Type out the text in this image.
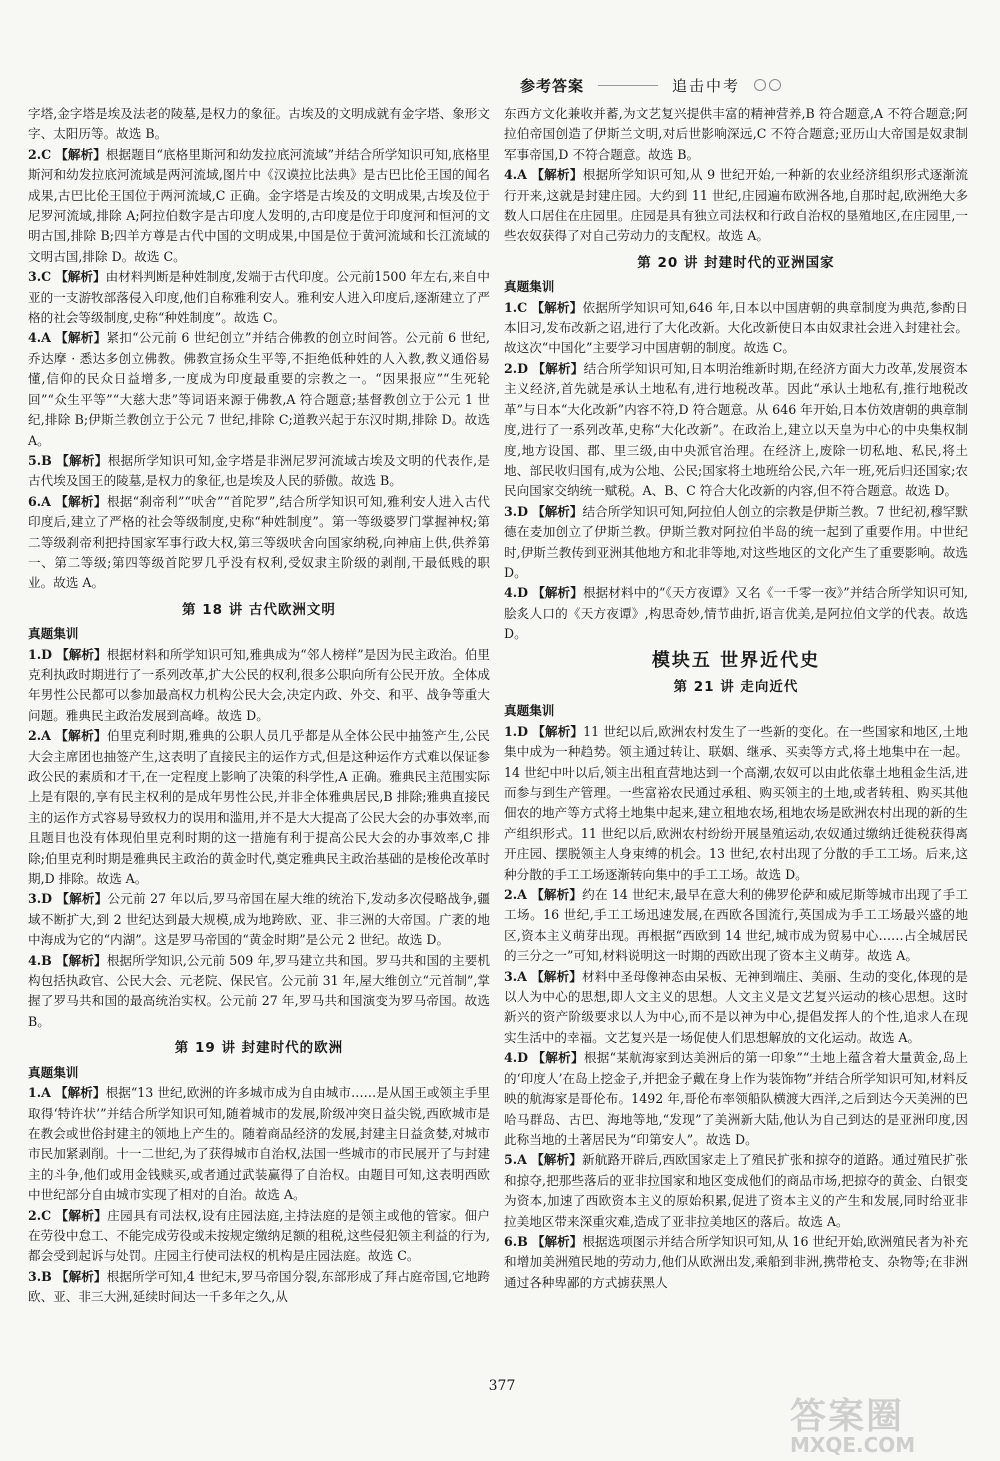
参考答案	追击中考

字塔,金字塔是埃及法老的陵墓,是权力的象征。古埃及的文明成就有金字塔、象形文字、太阳历等。故选 B。

2.C 【解析】根据题目“底格里斯河和幼发拉底河流域”并结合所学知识可知,底格里斯河和幼发拉底河流域是两河流域,图片中《汉谟拉比法典》是古巴比伦王国的闻名成果,古巴比伦王国位于两河流域,C 正确。金字塔是古埃及的文明成果,古埃及位于尼罗河流域,排除 A;阿拉伯数字是古印度人发明的,古印度是位于印度河和恒河的文明古国,排除 B;四羊方尊是古代中国的文明成果,中国是位于黄河流域和长江流域的文明古国,排除 D。故选 C。

3.C 【解析】由材料判断是种姓制度,发端于古代印度。公元前1500 年左右,来自中亚的一支游牧部落侵入印度,他们自称雅利安人。雅利安人进入印度后,逐渐建立了严格的社会等级制度,史称“种姓制度”。故选 C。

4.A 【解析】紧扣“公元前 6 世纪创立”并结合佛教的创立时间答。公元前 6 世纪,乔达摩 · 悉达多创立佛教。佛教宣扬众生平等,不拒绝低种姓的人入教,教义通俗易懂,信仰的民众日益增多,一度成为印度最重要的宗教之一。“因果报应”“生死轮回”“众生平等”“大慈大悲”等词语来源于佛教,A 符合题意;基督教创立于公元 1 世纪,排除 B;伊斯兰教创立于公元 7 世纪,排除 C;道教兴起于东汉时期,排除 D。故选 A。

5.B 【解析】根据所学知识可知,金字塔是非洲尼罗河流域古埃及文明的代表作,是古代埃及国王的陵墓,是权力的象征,也是埃及人民的骄傲。故选 B。

6.A 【解析】根据“刹帝利”“吠舍”“首陀罗”,结合所学知识可知,雅利安人进入古代印度后,建立了严格的社会等级制度,史称“种姓制度”。第一等级婆罗门掌握神权;第二等级刹帝利把持国家军事行政大权,第三等级吠舍向国家纳税,向神庙上供,供养第一、第二等级;第四等级首陀罗几乎没有权利,受奴隶主阶级的剥削,干最低贱的职业。故选 A。

第 18 讲 古代欧洲文明
真题集训

1.D 【解析】根据材料和所学知识可知,雅典成为“邻人榜样”是因为民主政治。伯里克利执政时期进行了一系列改革,扩大公民的权利,很多公职向所有公民开放。全体成年男性公民都可以参加最高权力机构公民大会,决定内政、外交、和平、战争等重大问题。雅典民主政治发展到高峰。故选 D。

2.A 【解析】伯里克利时期,雅典的公职人员几乎都是从全体公民中抽签产生,公民大会主席团也抽签产生,这表明了直接民主的运作方式,但是这种运作方式难以保证参政公民的素质和才干,在一定程度上影响了决策的科学性,A 正确。雅典民主范围实际上是有限的,享有民主权利的是成年男性公民,并非全体雅典居民,B 排除;雅典直接民主的运作方式容易导致权力的误用和滥用,并不是大大提高了公民大会的办事效率,而且题目也没有体现伯里克利时期的这一措施有利于提高公民大会的办事效率,C 排除;伯里克利时期是雅典民主政治的黄金时代,奠定雅典民主政治基础的是梭伦改革时期,D 排除。故选 A。

3.D 【解析】公元前 27 年以后,罗马帝国在屋大维的统治下,发动多次侵略战争,疆域不断扩大,到 2 世纪达到最大规模,成为地跨欧、亚、非三洲的大帝国。广袤的地中海成为它的“内湖”。这是罗马帝国的“黄金时期”是公元 2 世纪。故选 D。

4.B 【解析】根据所学知识,公元前 509 年,罗马建立共和国。罗马共和国的主要机构包括执政官、公民大会、元老院、保民官。公元前 31 年,屋大维创立“元首制”,掌握了罗马共和国的最高统治实权。公元前 27 年,罗马共和国演变为罗马帝国。故选 B。

第 19 讲 封建时代的欧洲
真题集训

1.A 【解析】根据“13 世纪,欧洲的许多城市成为自由城市……是从国王或领主手里取得‘特许状’”并结合所学知识可知,随着城市的发展,阶级冲突日益尖锐,西欧城市是在教会或世俗封建主的领地上产生的。随着商品经济的发展,封建主日益贪婪,对城市市民加紧剥削。十一二世纪,为了获得城市自治权,法国一些城市的市民展开了与封建主的斗争,他们或用金钱赎买,或者通过武装赢得了自治权。由题目可知,这表明西欧中世纪部分自由城市实现了相对的自治。故选 A。

2.C 【解析】庄园具有司法权,设有庄园法庭,主持法庭的是领主或他的管家。佃户在劳役中怠工、不能完成劳役或未按规定缴纳足额的租税,这些侵犯领主利益的行为,都会受到起诉与处罚。庄园主行使司法权的机构是庄园法庭。故选 C。

3.B 【解析】根据所学可知,4 世纪末,罗马帝国分裂,东部形成了拜占庭帝国,它地跨欧、亚、非三大洲,延续时间达一千多年之久,从

东西方文化兼收并蓄,为文艺复兴提供丰富的精神营养,B 符合题意,A 不符合题意;阿拉伯帝国创造了伊斯兰文明,对后世影响深远,C 不符合题意;亚历山大帝国是奴隶制军事帝国,D 不符合题意。故选 B。

4.A 【解析】根据所学知识可知,从 9 世纪开始,一种新的农业经济组织形式逐渐流行开来,这就是封建庄园。大约到 11 世纪,庄园遍布欧洲各地,自那时起,欧洲绝大多数人口居住在庄园里。庄园是具有独立司法权和行政自治权的垦殖地区,在庄园里,一些农奴获得了对自己劳动力的支配权。故选 A。

第 20 讲 封建时代的亚洲国家
真题集训

1.C 【解析】依据所学知识可知,646 年,日本以中国唐朝的典章制度为典范,参酌日本旧习,发布改新之诏,进行了大化改新。大化改新使日本由奴隶社会进入封建社会。故这次“中国化”主要学习中国唐朝的制度。故选 C。

2.D 【解析】结合所学知识可知,日本明治维新时期,在经济方面大力改革,发展资本主义经济,首先就是承认土地私有,进行地税改革。因此“承认土地私有,推行地税改革”与日本“大化改新”内容不符,D 符合题意。从 646 年开始,日本仿效唐朝的典章制度,进行了一系列改革,史称“大化改新”。在政治上,建立以天皇为中心的中央集权制度,地方设国、郡、里三级,由中央派官治理。在经济上,废除一切私地、私民,将土地、部民收归国有,成为公地、公民;国家将土地班给公民,六年一班,死后归还国家;农民向国家交纳统一赋税。A、B、C 符合大化改新的内容,但不符合题意。故选 D。

3.D 【解析】结合所学知识可知,阿拉伯人创立的宗教是伊斯兰教。7 世纪初,穆罕默德在麦加创立了伊斯兰教。伊斯兰教对阿拉伯半岛的统一起到了重要作用。中世纪时,伊斯兰教传到亚洲其他地方和北非等地,对这些地区的文化产生了重要影响。故选 D。

4.D 【解析】根据材料中的“《天方夜谭》又名《一千零一夜》”并结合所学知识可知,脍炙人口的《天方夜谭》,构思奇妙,情节曲折,语言优美,是阿拉伯文学的代表。故选 D。

模块五 世界近代史
第 21 讲 走向近代
真题集训

1.D 【解析】11 世纪以后,欧洲农村发生了一些新的变化。在一些国家和地区,土地集中成为一种趋势。领主通过转让、联姻、继承、买卖等方式,将土地集中在一起。14 世纪中叶以后,领主出租直营地达到一个高潮,农奴可以由此依靠土地租金生活,进而参与到生产管理。一些富裕农民通过承租、购买领主的土地,或者转租、购买其他佃农的地产等方式将土地集中起来,建立租地农场,租地农场是欧洲农村出现的新的生产组织形式。11 世纪以后,欧洲农村纷纷开展垦殖运动,农奴通过缴纳迁徙税获得离开庄园、摆脱领主人身束缚的机会。13 世纪,农村出现了分散的手工工场。后来,这种分散的手工工场逐渐转向集中的手工工场。故选 D。

2.A 【解析】约在 14 世纪末,最早在意大利的佛罗伦萨和威尼斯等城市出现了手工工场。16 世纪,手工工场迅速发展,在西欧各国流行,英国成为手工工场最兴盛的地区,资本主义萌芽出现。再根据“西欧到 14 世纪,城市成为贸易中心……占全城居民的三分之一”可知,材料说明这一时期的西欧出现了资本主义萌芽。故选 A。

3.A 【解析】材料中圣母像神态由呆板、无神到端庄、美丽、生动的变化,体现的是以人为中心的思想,即人文主义的思想。人文主义是文艺复兴运动的核心思想。这时新兴的资产阶级要求以人为中心,而不是以神为中心,提倡发挥人的个性,追求人在现实生活中的幸福。文艺复兴是一场促使人们思想解放的文化运动。故选 A。

4.D 【解析】根据“某航海家到达美洲后的第一印象”“土地上蕴含着大量黄金,岛上的‘印度人’在岛上挖金子,并把金子戴在身上作为装饰物”并结合所学知识可知,材料反映的航海家是哥伦布。1492 年,哥伦布率领船队横渡大西洋,之后到达今天美洲的巴哈马群岛、古巴、海地等地,“发现”了美洲新大陆,他认为自己到达的是亚洲印度,因此称当地的土著居民为“印第安人”。故选 D。

5.A 【解析】新航路开辟后,西欧国家走上了殖民扩张和掠夺的道路。通过殖民扩张和掠夺,把那些落后的亚非拉国家和地区变成他们的商品市场,把掠夺的黄金、白银变为资本,加速了西欧资本主义的原始积累,促进了资本主义的产生和发展,同时给亚非拉美地区带来深重灾难,造成了亚非拉美地区的落后。故选 A。

6.B 【解析】根据选项图示并结合所学知识可知,从 16 世纪开始,欧洲殖民者为补充和增加美洲殖民地的劳动力,他们从欧洲出发,乘船到非洲,携带枪支、杂物等;在非洲通过各种卑鄙的方式掳获黑人

377
答案圈
MXQE.COM
